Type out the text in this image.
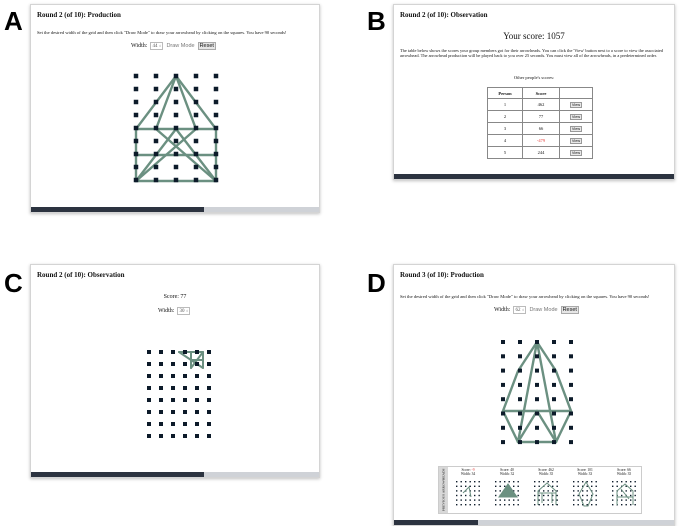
A	B
C	D
Round 2 (of 10): Production
Set the desired width of the grid and then click "Draw Mode" to draw your arrowhead by clicking on the squares. You have 90 seconds!
Width: 44 ⇕ Draw Mode Reset
Round 2 (of 10): Observation
Your score: 1057
The table below shows the scores your group members got for their arrowheads. You can click the 'View' button next to a score to view the associated arrowhead. The arrowhead production will be played back to you over 25 seconds. You must view all of the arrowheads, in a predetermined order.
Other people's scores:
Person	Score	
1	462	View
2	77	View
3	66	View
4	-479	View
5	244	View
Round 2 (of 10): Observation
Score: 77
Width: 30 ⇕
Round 3 (of 10): Production
Set the desired width of the grid and then click "Draw Mode" to draw your arrowhead by clicking on the squares. You have 90 seconds!
Width: 62 ⇕ Draw Mode Reset
PREVIOUS ARROWHEADS	Score: -9
Width: 34
Score: 40
Width: 32
Score: 462
Width: 35
Score: 101
Width: 33
Score: 66
Width: 35
